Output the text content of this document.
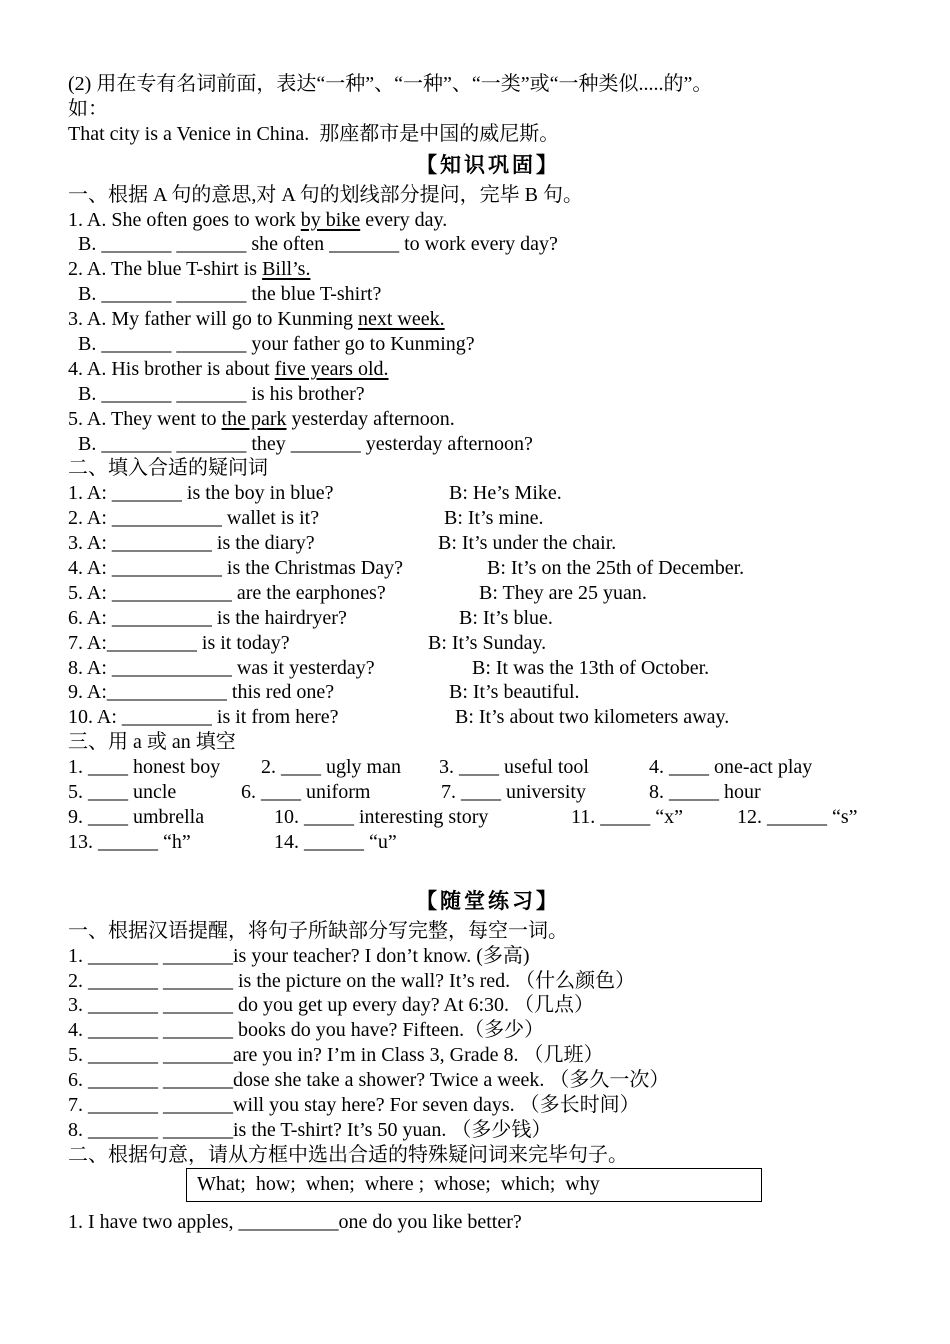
(2) 用在专有名词前面，表达“一种”、“一种”、“一类”或“一种类似.....的”。
如：
That city is a Venice in China.  那座都市是中国的威尼斯。
【知识巩固】
一、根据 A 句的意思,对 A 句的划线部分提问，完毕 B 句。
1. A. She often goes to work by bike every day.
B. _______ _______ she often _______ to work every day?
2. A. The blue T-shirt is Bill’s.
B. _______ _______ the blue T-shirt?
3. A. My father will go to Kunming next week.
B. _______ _______ your father go to Kunming?
4. A. His brother is about five years old.
B. _______ _______ is his brother?
5. A. They went to the park yesterday afternoon.
B. _______ _______ they _______ yesterday afternoon?
二、填入合适的疑问词
1. A: _______ is the boy in blue?	B: He’s Mike.
2. A: ___________ wallet is it?	B: It’s mine.
3. A: __________ is the diary?	B: It’s under the chair.
4. A: ___________ is the Christmas Day?	B: It’s on the 25th of December.
5. A: ____________ are the earphones?	B: They are 25 yuan.
6. A: __________ is the hairdryer?	B: It’s blue.
7. A:_________ is it today?	B: It’s Sunday.
8. A: ____________ was it yesterday?	B: It was the 13th of October.
9. A:____________ this red one?	B: It’s beautiful.
10. A: _________ is it from here?	B: It’s about two kilometers away.
三、用 a 或 an 填空
1. ____ honest boy 2. ____ ugly man 3. ____ useful tool	4. ____ one-act play
5. ____ uncle	6. ____ uniform	7. ____ university	8. _____ hour
9. ____ umbrella	10. _____ interesting story	11. _____ “x”	12. ______ “s”
13. ______ “h”	14. ______ “u”
【随堂练习】
一、根据汉语提醒，将句子所缺部分写完整，每空一词。
1. _______ _______is your teacher? I don’t know. (多高)
2. _______ _______ is the picture on the wall? It’s red. （什么颜色）
3. _______ _______ do you get up every day? At 6:30. （几点）
4. _______ _______ books do you have? Fifteen.（多少）
5. _______ _______are you in? I’m in Class 3, Grade 8. （几班）
6. _______ _______dose she take a shower? Twice a week. （多久一次）
7. _______ _______will you stay here? For seven days. （多长时间）
8. _______ _______is the T-shirt? It’s 50 yuan. （多少钱）
二、根据句意，请从方框中选出合适的特殊疑问词来完毕句子。
What;  how;  when;  where ;  whose;  which;  why
1. I have two apples, __________one do you like better?
